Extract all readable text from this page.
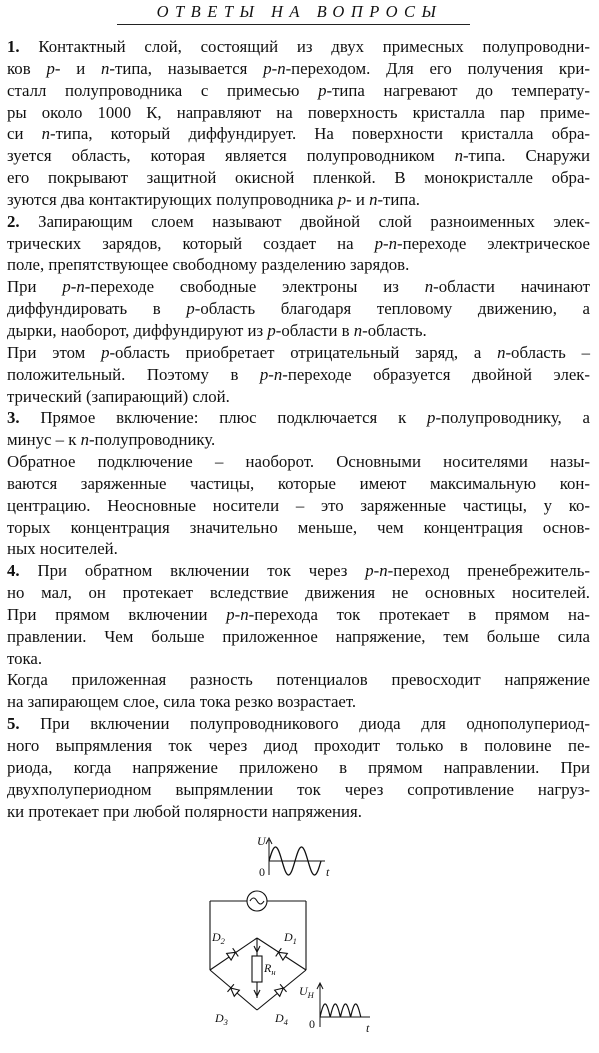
ОТВЕТЫ НА ВОПРОСЫ
1. Контактный слой, состоящий из двух примесных полупроводни-
ков p- и n-типа, называется p-n-переходом. Для его получения кри-
сталл полупроводника с примесью p-типа нагревают до температу-
ры около 1000 К, направляют на поверхность кристалла пар приме-
си n-типа, который диффундирует. На поверхности кристалла обра-
зуется область, которая является полупроводником n-типа. Снаружи
его покрывают защитной окисной пленкой. В монокристалле обра-
зуются два контактирующих полупроводника p- и n-типа.
2. Запирающим слоем называют двойной слой разноименных элек-
трических зарядов, который создает на p-n-переходе электрическое
поле, препятствующее свободному разделению зарядов.
При p-n-переходе свободные электроны из n-области начинают
диффундировать в p-область благодаря тепловому движению, а
дырки, наоборот, диффундируют из p-области в n-область.
При этом p-область приобретает отрицательный заряд, а n-область –
положительный. Поэтому в p-n-переходе образуется двойной элек-
трический (запирающий) слой.
3. Прямое включение: плюс подключается к p-полупроводнику, а
минус – к n-полупроводнику.
Обратное подключение – наоборот. Основными носителями назы-
ваются заряженные частицы, которые имеют максимальную кон-
центрацию. Неосновные носители – это заряженные частицы, у ко-
торых концентрация значительно меньше, чем концентрация основ-
ных носителей.
4. При обратном включении ток через p-n-переход пренебрежитель-
но мал, он протекает вследствие движения не основных носителей.
При прямом включении p-n-перехода ток протекает в прямом на-
правлении. Чем больше приложенное напряжение, тем больше сила
тока.
Когда приложенная разность потенциалов превосходит напряжение
на запирающем слое, сила тока резко возрастает.
5. При включении полупроводникового диода для однополупериод-
ного выпрямления ток через диод проходит только в половине пе-
риода, когда напряжение приложено в прямом направлении. При
двухполупериодном выпрямлении ток через сопротивление нагруз-
ки протекает при любой полярности напряжения.
U
0	t
$D_2$	$D_1$
$D_3$	$D_4$
$R_н$
$U_H$
0	t
